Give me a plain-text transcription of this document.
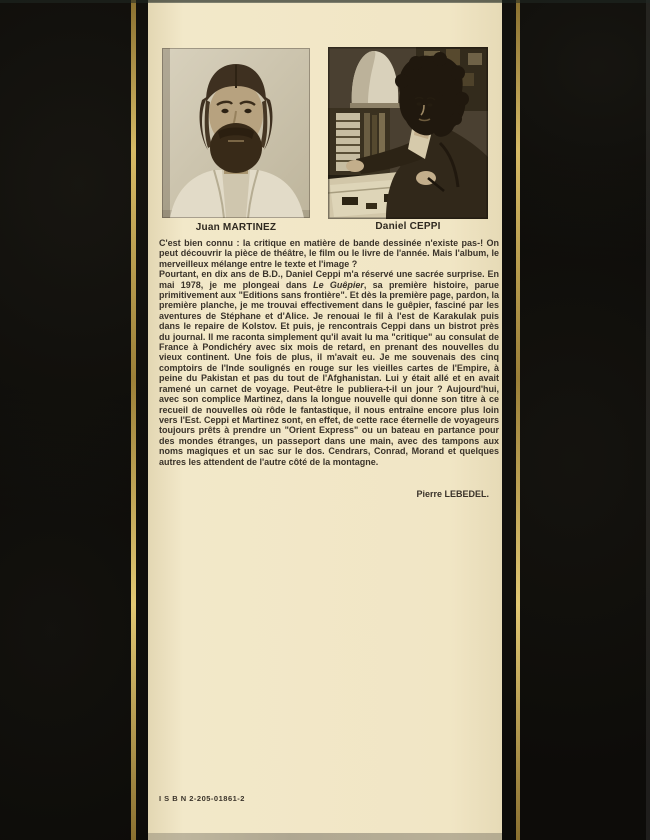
Juan MARTINEZ	Daniel CEPPI

C'est bien connu : la critique en matière de bande dessinée n'existe pas-! On peut découvrir la pièce de théâtre, le film ou le livre de l'année. Mais l'album, le merveilleux mélange entre le texte et l'image ?

Pourtant, en dix ans de B.D., Daniel Ceppi m'a réservé une sacrée surprise. En mai 1978, je me plongeai dans Le Guêpier, sa première histoire, parue primitivement aux "Editions sans frontière". Et dès la première page, pardon, la première planche, je me trouvai effectivement dans le guêpier, fasciné par les aventures de Stéphane et d'Alice. Je renouai le fil à l'est de Karakulak puis dans le repaire de Kolstov. Et puis, je rencontrais Ceppi dans un bistrot près du journal. Il me raconta simplement qu'il avait lu ma "critique" au consulat de France à Pondichéry avec six mois de retard, en prenant des nouvelles du vieux continent. Une fois de plus, il m'avait eu. Je me souvenais des cinq comptoirs de l'Inde soulignés en rouge sur les vieilles cartes de l'Empire, à peine du Pakistan et pas du tout de l'Afghanistan. Lui y était allé et en avait ramené un carnet de voyage. Peut-être le publiera-t-il un jour ? Aujourd'hui, avec son complice Martinez, dans la longue nouvelle qui donne son titre à ce recueil de nouvelles où rôde le fantastique, il nous entraîne encore plus loin vers l'Est. Ceppi et Martinez sont, en effet, de cette race éternelle de voyageurs toujours prêts à prendre un "Orient Express" ou un bateau en partance pour des mondes étranges, un passeport dans une main, avec des tampons aux noms magiques et un sac sur le dos. Cendrars, Conrad, Morand et quelques autres les attendent de l'autre côté de la montagne.

Pierre LEBEDEL.
I S B N 2-205-01861-2
